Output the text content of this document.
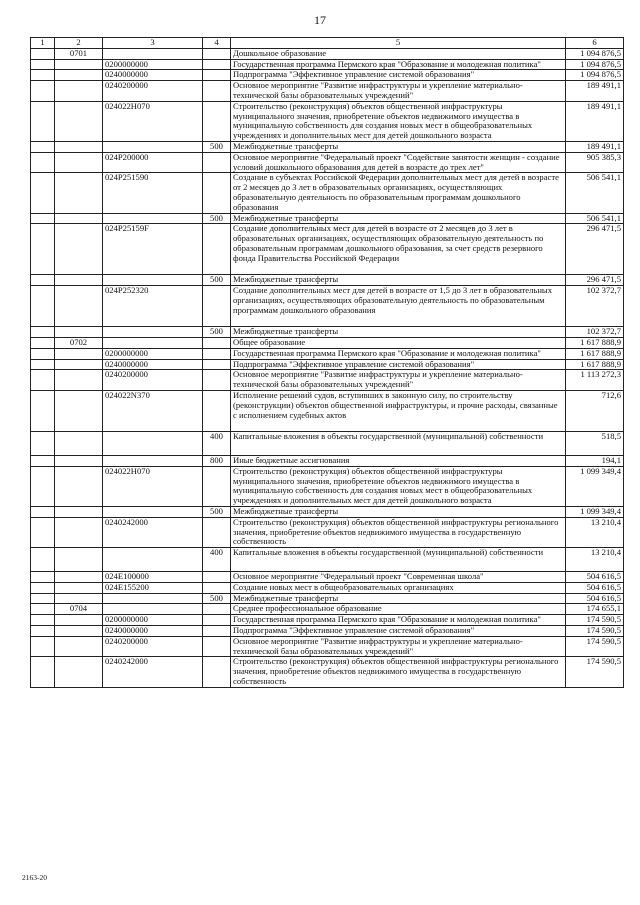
17
1	2	3	4	5	6
	0701			Дошкольное образование	1 094 876,5
		0200000000		Государственная программа Пермского края "Образование и молодежная политика"	1 094 876,5
		0240000000		Подпрограмма "Эффективное управление системой образования"	1 094 876,5
		0240200000		Основное мероприятие "Развитие инфраструктуры и укрепление материально-технической базы образовательных учреждений"	189 491,1
		024022Н070		Строительство (реконструкция) объектов общественной инфраструктуры муниципального значения, приобретение объектов недвижимого имущества в муниципальную собственность для создания новых мест в общеобразовательных учреждениях и дополнительных мест для детей дошкольного возраста	189 491,1
			500	Межбюджетные трансферты	189 491,1
		024Р200000		Основное мероприятие "Федеральный проект "Содействие занятости женщин - создание условий дошкольного образования для детей в возрасте до трех лет"	905 385,3
		024Р251590		Создание в субъектах Российской Федерации дополнительных мест для детей в возрасте от 2 месяцев до 3 лет в образовательных организациях, осуществляющих образовательную деятельность по образовательным программам дошкольного образования	506 541,1
			500	Межбюджетные трансферты	506 541,1
		024Р25159F		Создание дополнительных мест для детей в возрасте от 2 месяцев до 3 лет в образовательных организациях, осуществляющих образовательную деятельность по образовательным программам дошкольного образования, за счет средств резервного фонда Правительства Российской Федерации	296 471,5
			500	Межбюджетные трансферты	296 471,5
		024Р252320		Создание дополнительных мест для детей в возрасте от 1,5 до 3 лет в образовательных организациях, осуществляющих образовательную деятельность по образовательным программам дошкольного образования	102 372,7
			500	Межбюджетные трансферты	102 372,7
	0702			Общее образование	1 617 888,9
		0200000000		Государственная программа Пермского края "Образование и молодежная политика"	1 617 888,9
		0240000000		Подпрограмма "Эффективное управление системой образования"	1 617 888,9
		0240200000		Основное мероприятие "Развитие инфраструктуры и укрепление материально-технической базы образовательных учреждений"	1 113 272,3
		024022N370		Исполнение решений судов, вступивших в законную силу, по строительству (реконструкции) объектов общественной инфраструктуры, и прочие расходы, связанные с исполнением судебных актов	712,6
			400	Капитальные вложения в объекты государственной (муниципальной) собственности	518,5
			800	Иные бюджетные ассигнования	194,1
		024022Н070		Строительство (реконструкция) объектов общественной инфраструктуры муниципального значения, приобретение объектов недвижимого имущества в муниципальную собственность для создания новых мест в общеобразовательных учреждениях и дополнительных мест для детей дошкольного возраста	1 099 349,4
			500	Межбюджетные трансферты	1 099 349,4
		0240242000		Строительство (реконструкция) объектов общественной инфраструктуры регионального значения, приобретение объектов недвижимого имущества в государственную собственность	13 210,4
			400	Капитальные вложения в объекты государственной (муниципальной) собственности	13 210,4
		024Е100000		Основное мероприятие "Федеральный проект "Современная школа"	504 616,5
		024Е155200		Создание новых мест в общеобразовательных организациях	504 616,5
			500	Межбюджетные трансферты	504 616,5
	0704			Среднее профессиональное образование	174 655,1
		0200000000		Государственная программа Пермского края "Образование и молодежная политика"	174 590,5
		0240000000		Подпрограмма "Эффективное управление системой образования"	174 590,5
		0240200000		Основное мероприятие "Развитие инфраструктуры и укрепление материально-технической базы образовательных учреждений"	174 590,5
		0240242000		Строительство (реконструкция) объектов общественной инфраструктуры регионального значения, приобретение объектов недвижимого имущества в государственную собственность	174 590,5
2163-20
